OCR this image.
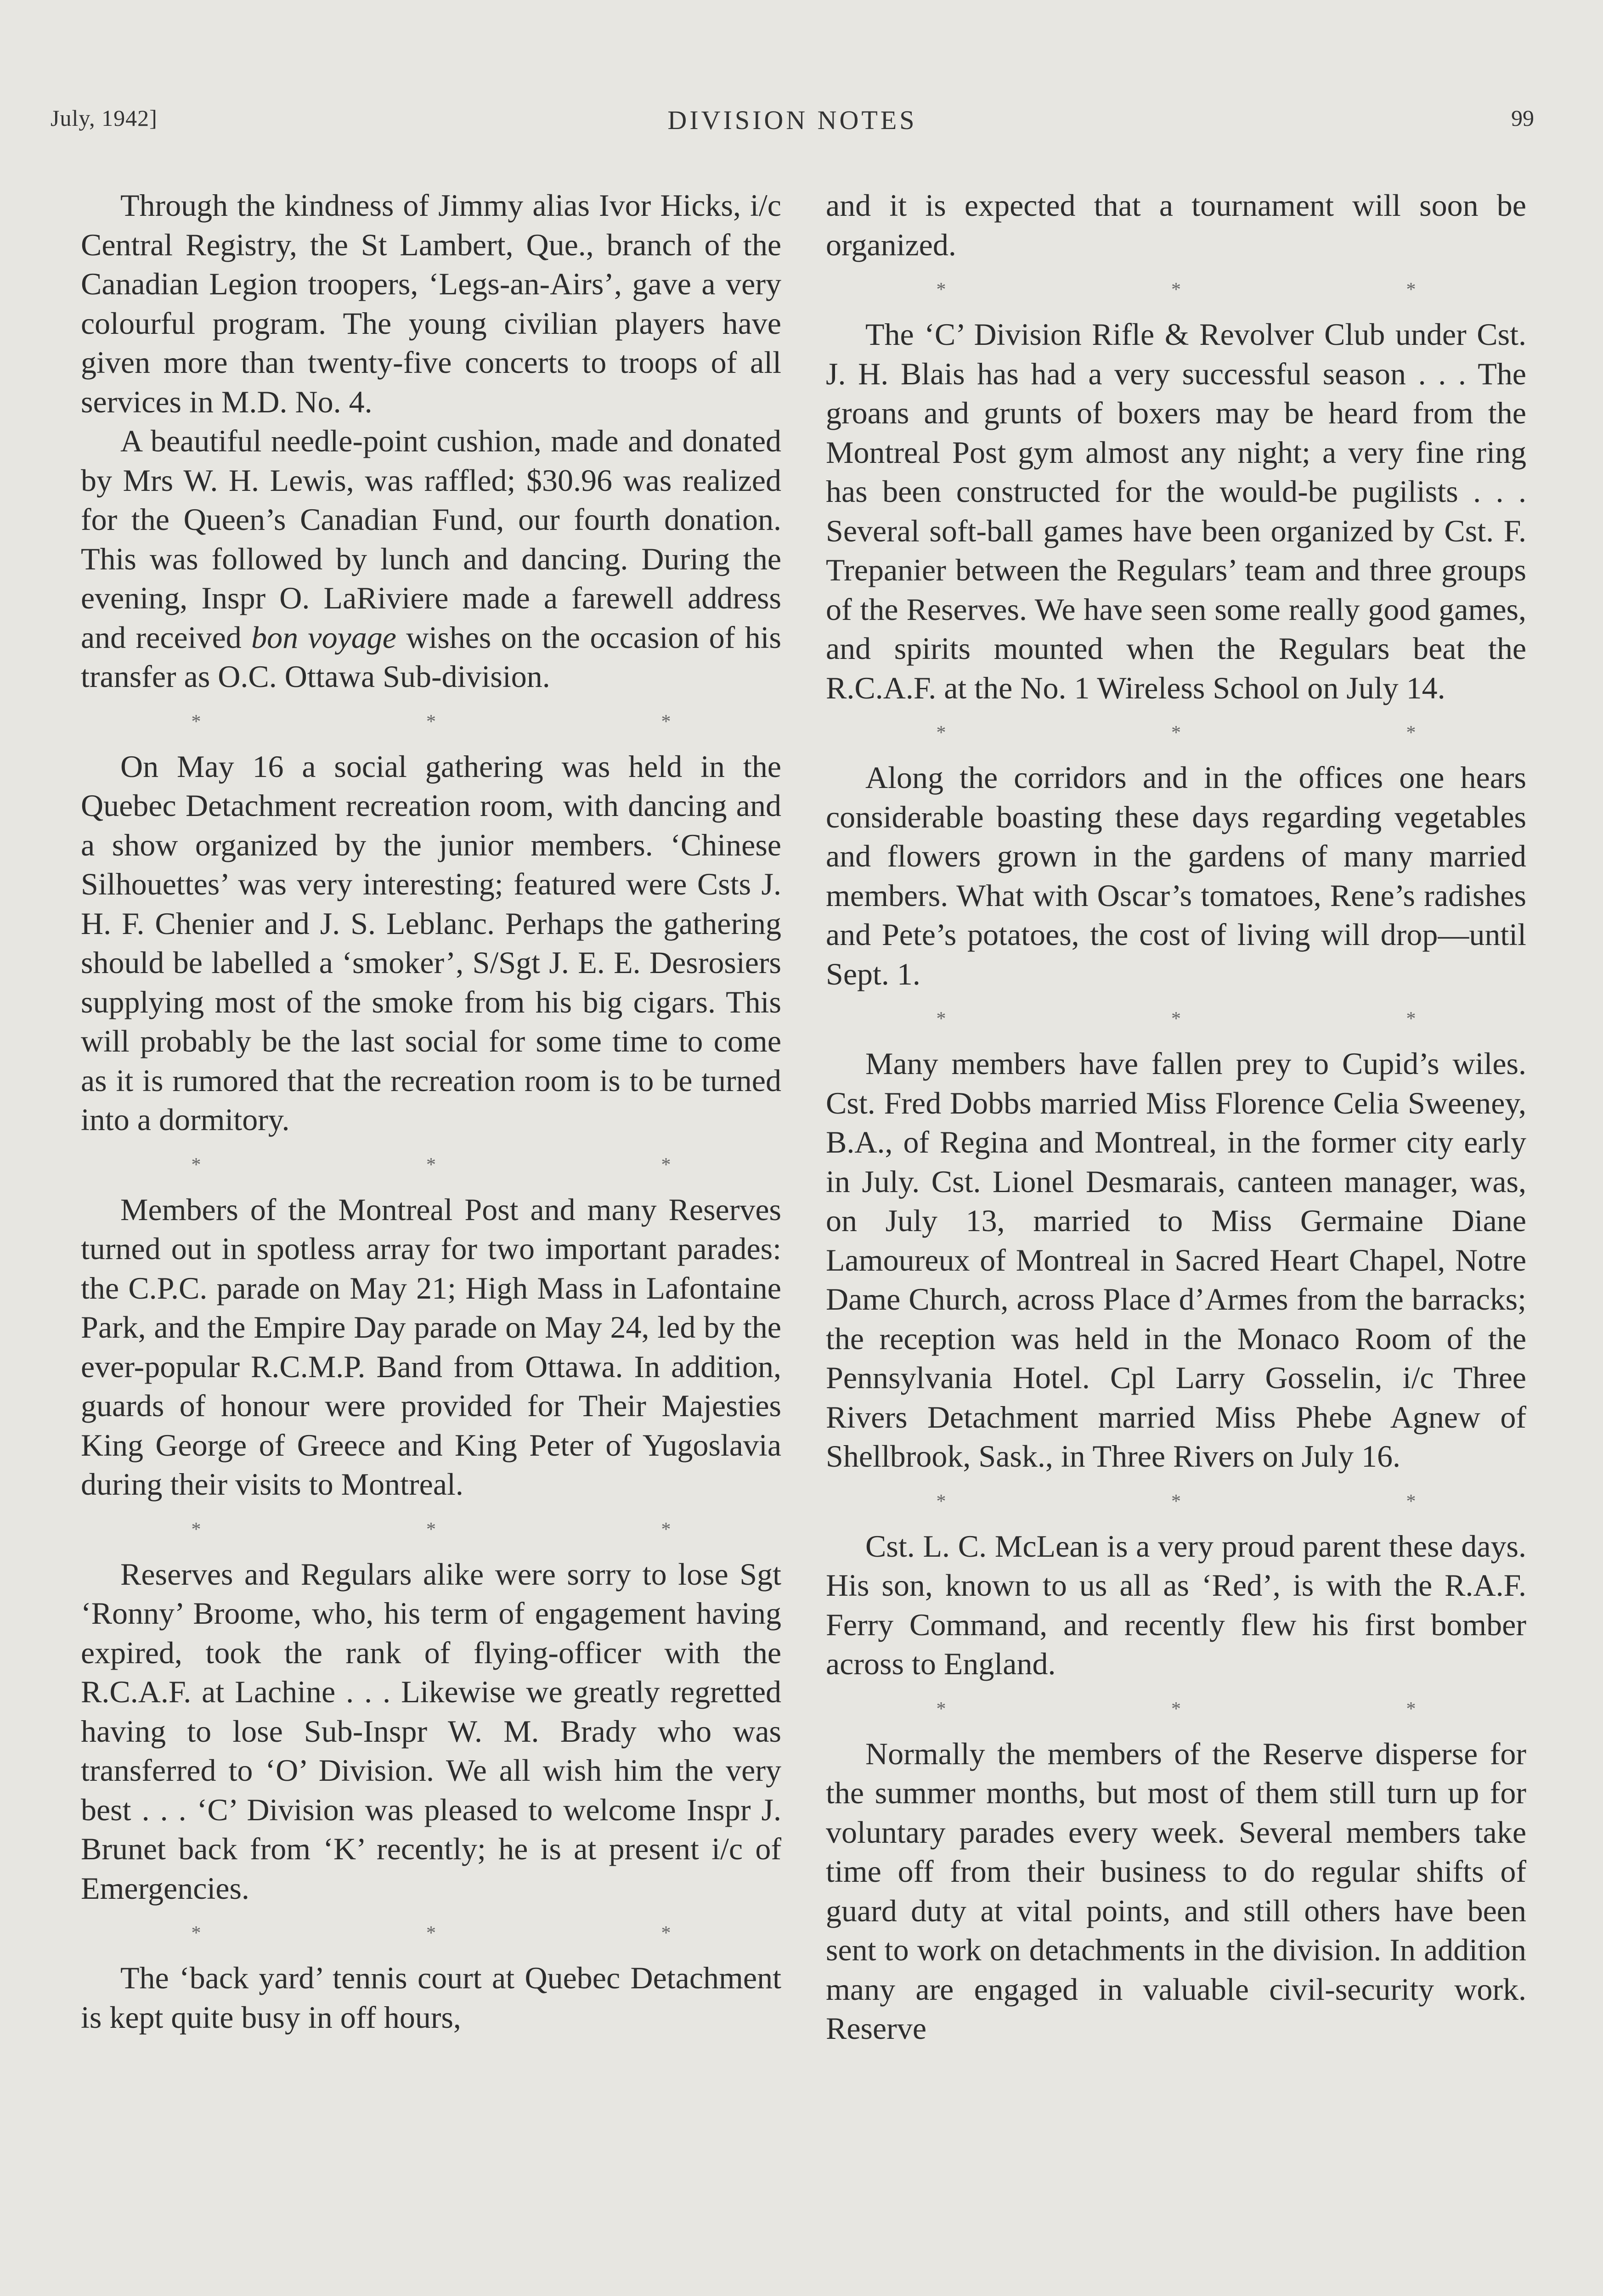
July, 1942]	DIVISION NOTES	99

Through the kindness of Jimmy alias Ivor Hicks, i/c Central Registry, the St Lambert, Que., branch of the Canadian Legion troopers, ‘Legs-an-Airs’, gave a very colourful program. The young civilian players have given more than twenty-five concerts to troops of all services in M.D. No. 4.

A beautiful needle-point cushion, made and donated by Mrs W. H. Lewis, was raffled; $30.96 was realized for the Queen’s Canadian Fund, our fourth donation. This was followed by lunch and dancing. During the evening, Inspr O. LaRiviere made a farewell address and received bon voyage wishes on the occasion of his transfer as O.C. Ottawa Sub-division.

* * *

On May 16 a social gathering was held in the Quebec Detachment recreation room, with dancing and a show organized by the junior members. ‘Chinese Silhouettes’ was very interesting; featured were Csts J. H. F. Chenier and J. S. Leblanc. Perhaps the gathering should be labelled a ‘smoker’, S/Sgt J. E. E. Desrosiers supplying most of the smoke from his big cigars. This will probably be the last social for some time to come as it is rumored that the recreation room is to be turned into a dormitory.

* * *

Members of the Montreal Post and many Reserves turned out in spotless array for two important parades: the C.P.C. parade on May 21; High Mass in Lafontaine Park, and the Empire Day parade on May 24, led by the ever-popular R.C.M.P. Band from Ottawa. In addition, guards of honour were provided for Their Majesties King George of Greece and King Peter of Yugoslavia during their visits to Montreal.

* * *

Reserves and Regulars alike were sorry to lose Sgt ‘Ronny’ Broome, who, his term of engagement having expired, took the rank of flying-officer with the R.C.A.F. at Lachine . . . Likewise we greatly regretted having to lose Sub-Inspr W. M. Brady who was transferred to ‘O’ Division. We all wish him the very best . . . ‘C’ Division was pleased to welcome Inspr J. Brunet back from ‘K’ recently; he is at present i/c of Emergencies.

* * *

The ‘back yard’ tennis court at Quebec Detachment is kept quite busy in off hours,

and it is expected that a tournament will soon be organized.

* * *

The ‘C’ Division Rifle & Revolver Club under Cst. J. H. Blais has had a very successful season . . . The groans and grunts of boxers may be heard from the Montreal Post gym almost any night; a very fine ring has been constructed for the would-be pugilists . . . Several soft-ball games have been organized by Cst. F. Trepanier between the Regulars’ team and three groups of the Reserves. We have seen some really good games, and spirits mounted when the Regulars beat the R.C.A.F. at the No. 1 Wireless School on July 14.

* * *

Along the corridors and in the offices one hears considerable boasting these days regarding vegetables and flowers grown in the gardens of many married members. What with Oscar’s tomatoes, Rene’s radishes and Pete’s potatoes, the cost of living will drop—until Sept. 1.

* * *

Many members have fallen prey to Cupid’s wiles. Cst. Fred Dobbs married Miss Florence Celia Sweeney, B.A., of Regina and Montreal, in the former city early in July. Cst. Lionel Desmarais, canteen manager, was, on July 13, married to Miss Germaine Diane Lamoureux of Montreal in Sacred Heart Chapel, Notre Dame Church, across Place d’Armes from the barracks; the reception was held in the Monaco Room of the Pennsylvania Hotel. Cpl Larry Gosselin, i/c Three Rivers Detachment married Miss Phebe Agnew of Shellbrook, Sask., in Three Rivers on July 16.

* * *

Cst. L. C. McLean is a very proud parent these days. His son, known to us all as ‘Red’, is with the R.A.F. Ferry Command, and recently flew his first bomber across to England.

* * *

Normally the members of the Reserve disperse for the summer months, but most of them still turn up for voluntary parades every week. Several members take time off from their business to do regular shifts of guard duty at vital points, and still others have been sent to work on detachments in the division. In addition many are engaged in valuable civil-security work. Reserve
